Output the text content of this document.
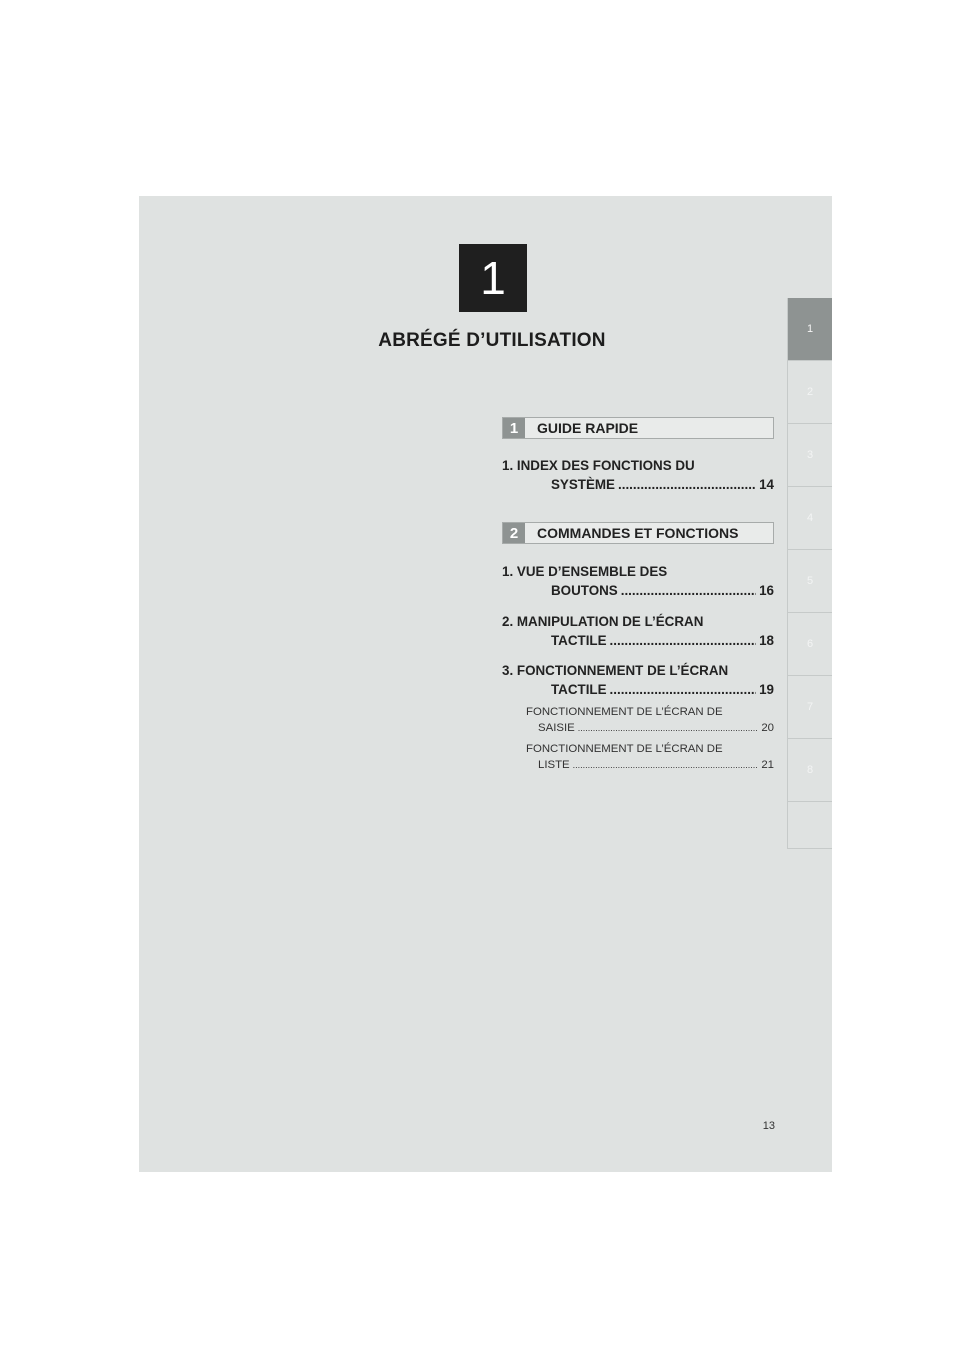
1
ABRÉGÉ D’UTILISATION
1
2
3
4
5
6
7
8
1	GUIDE RAPIDE
1. INDEX DES FONCTIONS DU
SYSTÈME .....	14
2	COMMANDES ET FONCTIONS
1. VUE D’ENSEMBLE DES
BOUTONS .....	16
2. MANIPULATION DE L’ÉCRAN
TACTILE .....	18
3. FONCTIONNEMENT DE L’ÉCRAN
TACTILE .....	19
FONCTIONNEMENT DE L’ÉCRAN DE
SAISIE .....	20
FONCTIONNEMENT DE L’ÉCRAN DE
LISTE .....	21
13
